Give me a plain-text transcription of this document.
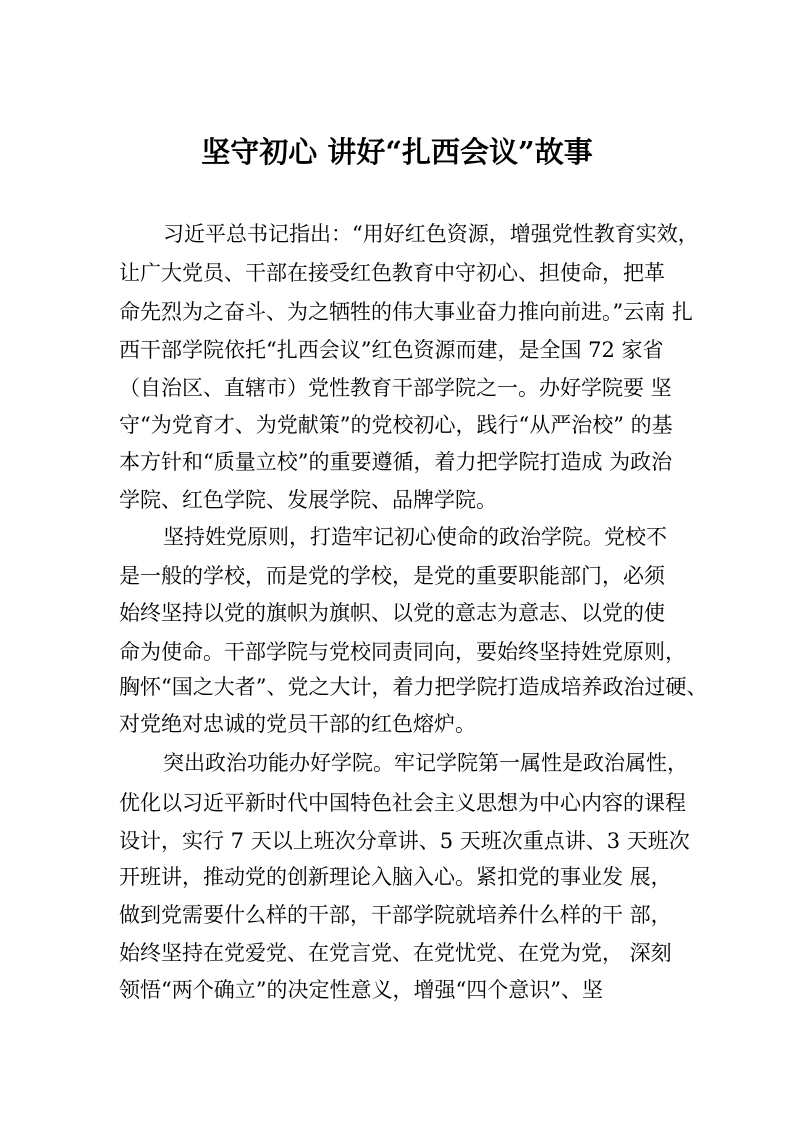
坚守初心 讲好“扎西会议”故事
习近平总书记指出：“用好红色资源，增强党性教育实效，
让广大党员、干部在接受红色教育中守初心、担使命，把革
命先烈为之奋斗、为之牺牲的伟大事业奋力推向前进。”云南 扎
西干部学院依托“扎西会议”红色资源而建，是全国 72 家省
（自治区、直辖市）党性教育干部学院之一。办好学院要 坚
守“为党育才、为党献策”的党校初心，践行“从严治校” 的基
本方针和“质量立校”的重要遵循，着力把学院打造成 为政治
学院、红色学院、发展学院、品牌学院。
坚持姓党原则，打造牢记初心使命的政治学院。党校不
是一般的学校，而是党的学校，是党的重要职能部门，必须
始终坚持以党的旗帜为旗帜、以党的意志为意志、以党的使
命为使命。干部学院与党校同责同向，要始终坚持姓党原则，
胸怀“国之大者”、党之大计，着力把学院打造成培养政治过硬、
对党绝对忠诚的党员干部的红色熔炉。
突出政治功能办好学院。牢记学院第一属性是政治属性，
优化以习近平新时代中国特色社会主义思想为中心内容的课程
设计，实行 7 天以上班次分章讲、5 天班次重点讲、3 天班次
开班讲，推动党的创新理论入脑入心。紧扣党的事业发 展，
做到党需要什么样的干部，干部学院就培养什么样的干 部，
始终坚持在党爱党、在党言党、在党忧党、在党为党， 深刻
领悟“两个确立”的决定性意义，增强“四个意识”、坚
